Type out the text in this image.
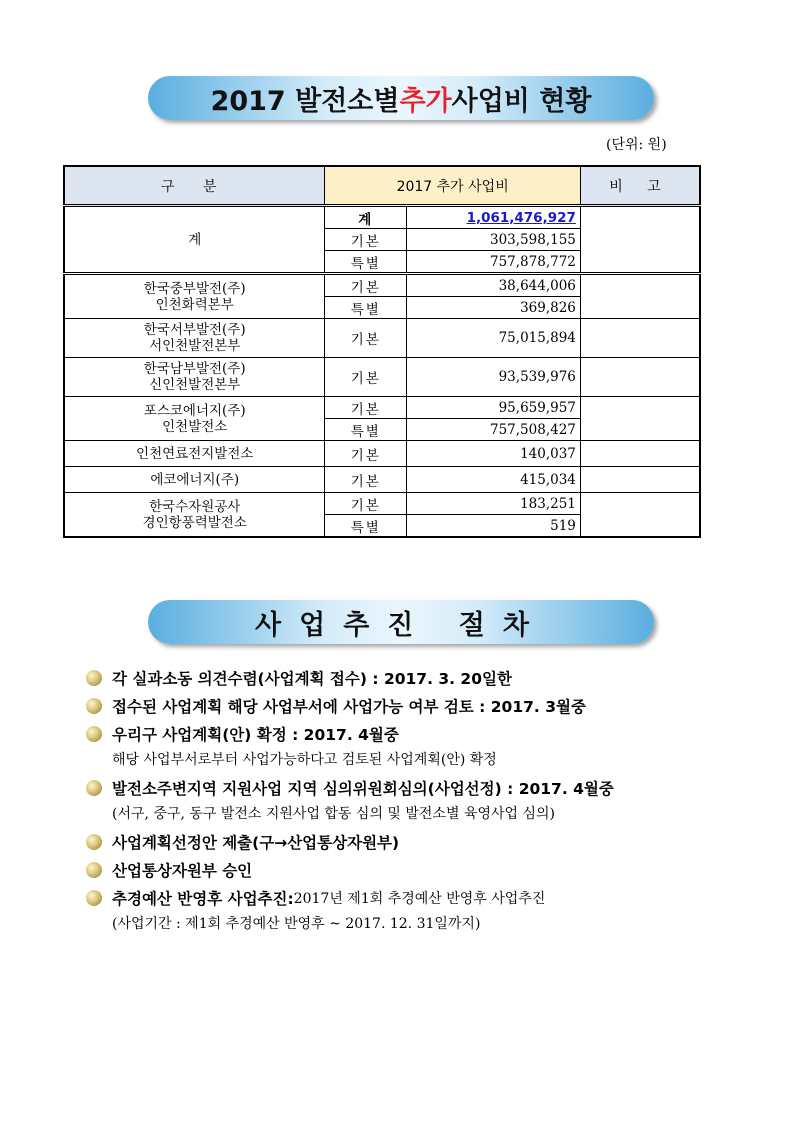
2017 발전소별 추가 사업비 현황
(단위: 원)
구 분	2017 추가 사업비		비 고
계	계	1,061,476,927	
	기본	303,598,155	
	특별	757,878,772	
한국중부발전(주)
인천화력본부	기본	38,644,006	
	특별	369,826	
한국서부발전(주)
서인천발전본부	기본	75,015,894	
한국남부발전(주)
신인천발전본부	기본	93,539,976	
포스코에너지(주)
인천발전소	기본	95,659,957	
	특별	757,508,427	
인천연료전지발전소	기본	140,037	
에코에너지(주)	기본	415,034	
한국수자원공사
경인항풍력발전소	기본	183,251	
	특별	519	
사업추진 절차
각 실과소동 의견수렴(사업계획 접수) : 2017. 3. 20일한
접수된 사업계획 해당 사업부서에 사업가능 여부 검토 : 2017. 3월중
우리구 사업계획(안) 확정 : 2017. 4월중
해당 사업부서로부터 사업가능하다고 검토된 사업계획(안) 확정
발전소주변지역 지원사업 지역 심의위원회심의(사업선정) : 2017. 4월중
(서구, 중구, 동구 발전소 지원사업 합동 심의 및 발전소별 육영사업 심의)
사업계획선정안 제출(구→산업통상자원부)
산업통상자원부 승인
추경예산 반영후 사업추진: 2017년 제1회 추경예산 반영후 사업추진
(사업기간 : 제1회 추경예산 반영후 ~ 2017. 12. 31일까지)
